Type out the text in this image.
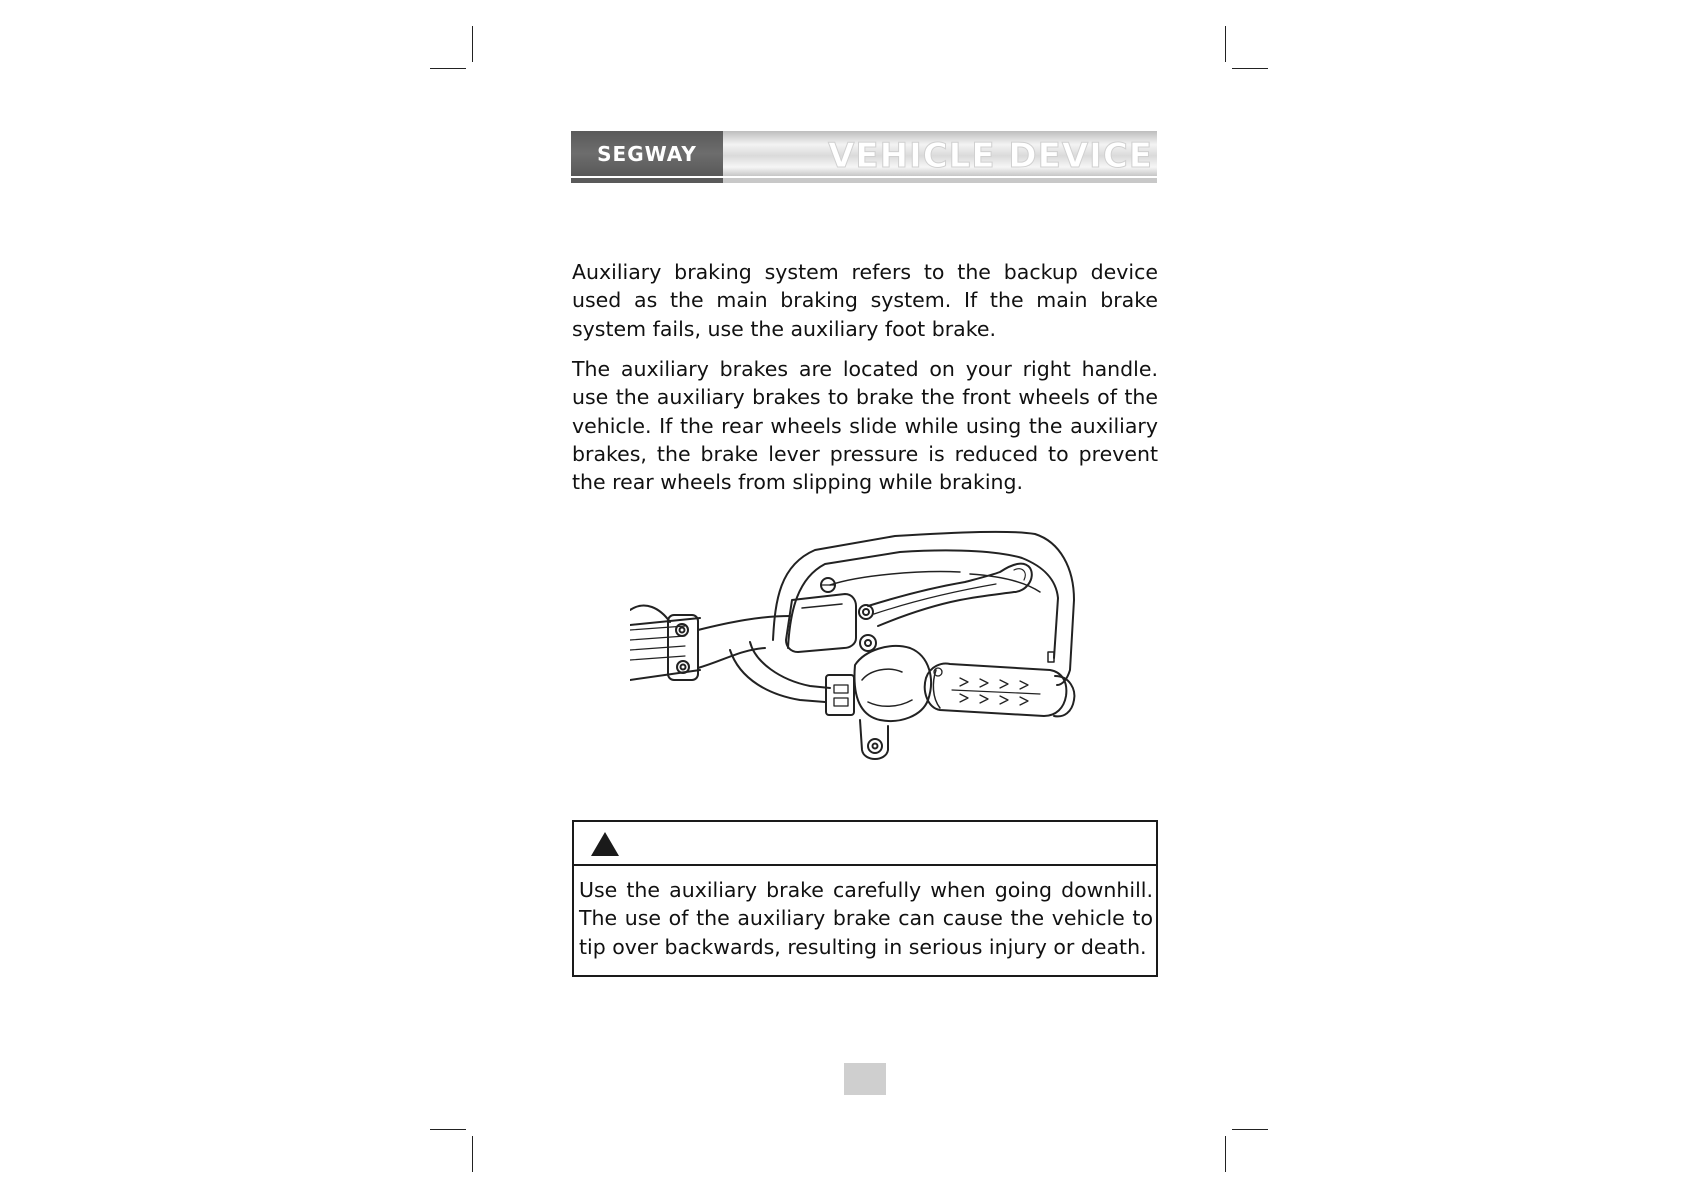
SEGWAY	VEHICLE DEVICE

Auxiliary braking system refers to the backup device used as the main braking system. If the main brake system fails, use the auxiliary foot brake.

The auxiliary brakes are located on your right handle. use the auxiliary brakes to brake the front wheels of the vehicle. If the rear wheels slide while using the auxiliary brakes, the brake lever pressure is reduced to prevent the rear wheels from slipping while braking.

Use the auxiliary brake carefully when going downhill. The use of the auxiliary brake can cause the vehicle to tip over backwards, resulting in serious injury or death.
